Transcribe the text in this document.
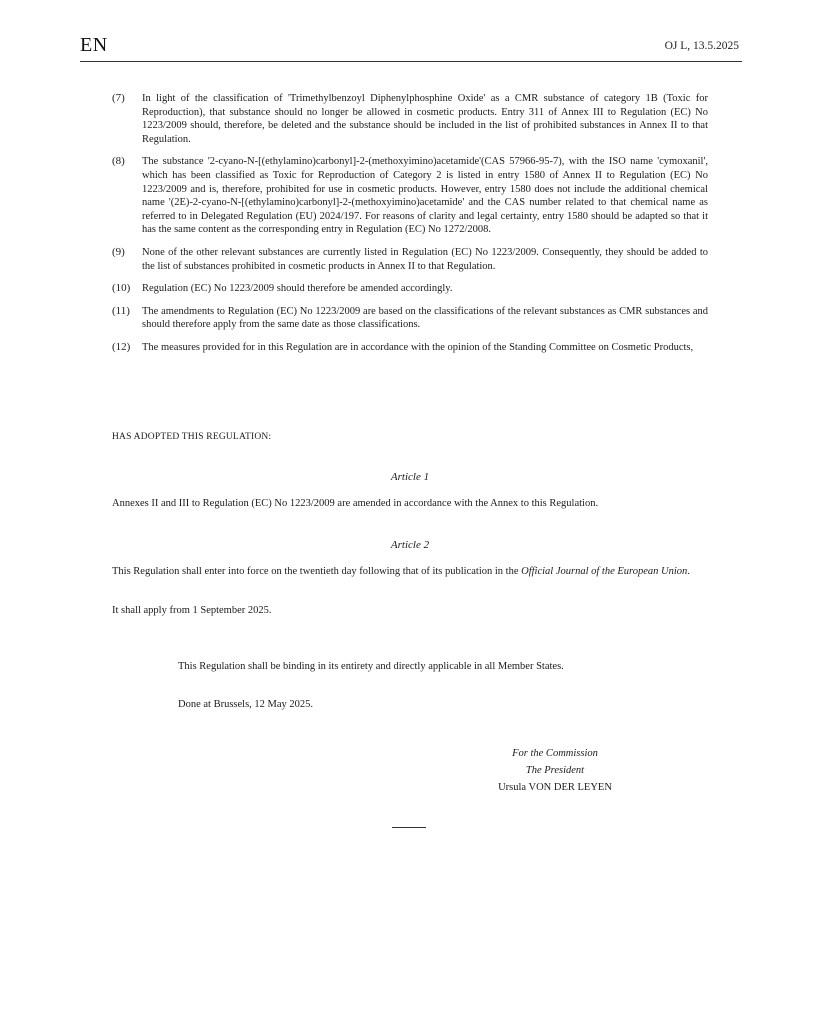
EN	OJ L, 13.5.2025
(7)	In light of the classification of 'Trimethylbenzoyl Diphenylphosphine Oxide' as a CMR substance of category 1B (Toxic for Reproduction), that substance should no longer be allowed in cosmetic products. Entry 311 of Annex III to Regulation (EC) No 1223/2009 should, therefore, be deleted and the substance should be included in the list of prohibited substances in Annex II to that Regulation.
(8)	The substance '2-cyano-N-[(ethylamino)carbonyl]-2-(methoxyimino)acetamide'(CAS 57966-95-7), with the ISO name 'cymoxanil', which has been classified as Toxic for Reproduction of Category 2 is listed in entry 1580 of Annex II to Regulation (EC) No 1223/2009 and is, therefore, prohibited for use in cosmetic products. However, entry 1580 does not include the additional chemical name '(2E)-2-cyano-N-[(ethylamino)carbonyl]-2-(methoxyimino)acetamide' and the CAS number related to that chemical name as referred to in Delegated Regulation (EU) 2024/197. For reasons of clarity and legal certainty, entry 1580 should be adapted so that it has the same content as the corresponding entry in Regulation (EC) No 1272/2008.
(9)	None of the other relevant substances are currently listed in Regulation (EC) No 1223/2009. Consequently, they should be added to the list of substances prohibited in cosmetic products in Annex II to that Regulation.
(10)	Regulation (EC) No 1223/2009 should therefore be amended accordingly.
(11)	The amendments to Regulation (EC) No 1223/2009 are based on the classifications of the relevant substances as CMR substances and should therefore apply from the same date as those classifications.
(12)	The measures provided for in this Regulation are in accordance with the opinion of the Standing Committee on Cosmetic Products,
HAS ADOPTED THIS REGULATION:
Article 1
Annexes II and III to Regulation (EC) No 1223/2009 are amended in accordance with the Annex to this Regulation.
Article 2
This Regulation shall enter into force on the twentieth day following that of its publication in the Official Journal of the European Union.
It shall apply from 1 September 2025.
This Regulation shall be binding in its entirety and directly applicable in all Member States.
Done at Brussels, 12 May 2025.
For the Commission
The President
Ursula VON DER LEYEN
